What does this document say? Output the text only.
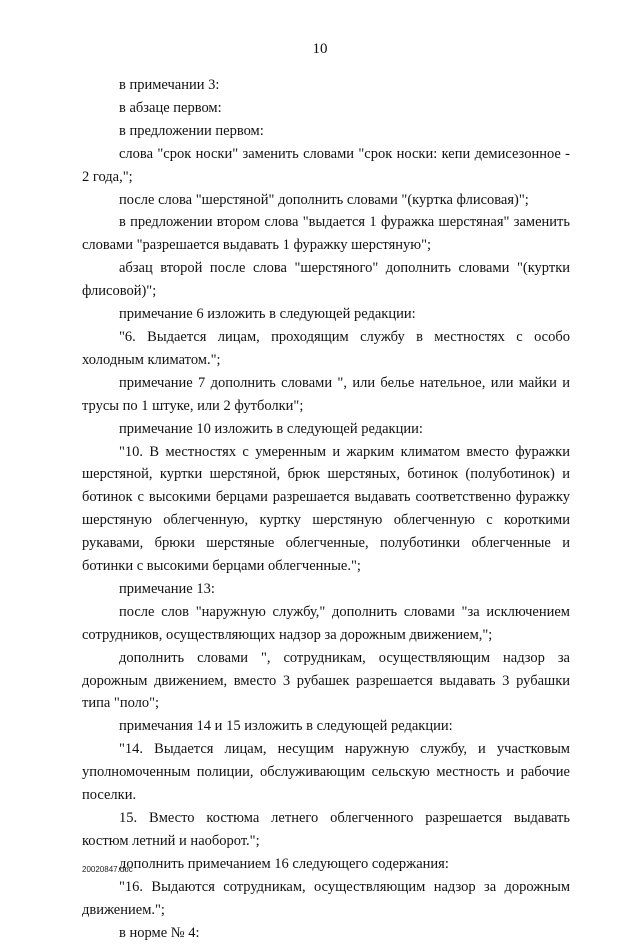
10

в примечании 3:

в абзаце первом:

в предложении первом:

слова "срок носки" заменить словами "срок носки: кепи демисезонное - 2 года,";

после слова "шерстяной" дополнить словами "(куртка флисовая)";

в предложении втором слова "выдается 1 фуражка шерстяная" заменить словами "разрешается выдавать 1 фуражку шерстяную";

абзац второй после слова "шерстяного" дополнить словами "(куртки флисовой)";

примечание 6 изложить в следующей редакции:

"6. Выдается лицам, проходящим службу в местностях с особо холодным климатом.";

примечание 7 дополнить словами ", или белье нательное, или майки и трусы по 1 штуке, или 2 футболки";

примечание 10 изложить в следующей редакции:

"10. В местностях с умеренным и жарким климатом вместо фуражки шерстяной, куртки шерстяной, брюк шерстяных, ботинок (полуботинок) и ботинок с высокими берцами разрешается выдавать соответственно фуражку шерстяную облегченную, куртку шерстяную облегченную с короткими рукавами, брюки шерстяные облегченные, полуботинки облегченные и ботинки с высокими берцами облегченные.";

примечание 13:

после слов "наружную службу," дополнить словами "за исключением сотрудников, осуществляющих надзор за дорожным движением,";

дополнить словами ", сотрудникам, осуществляющим надзор за дорожным движением, вместо 3 рубашек разрешается выдавать 3 рубашки типа "поло";

примечания 14 и 15 изложить в следующей редакции:

"14. Выдается лицам, несущим наружную службу, и участковым уполномоченным полиции, обслуживающим сельскую местность и рабочие поселки.

15. Вместо костюма летнего облегченного разрешается выдавать костюм летний и наоборот.";

дополнить примечанием 16 следующего содержания:

"16. Выдаются сотрудникам, осуществляющим надзор за дорожным движением.";

в норме № 4:

20020847.doc
